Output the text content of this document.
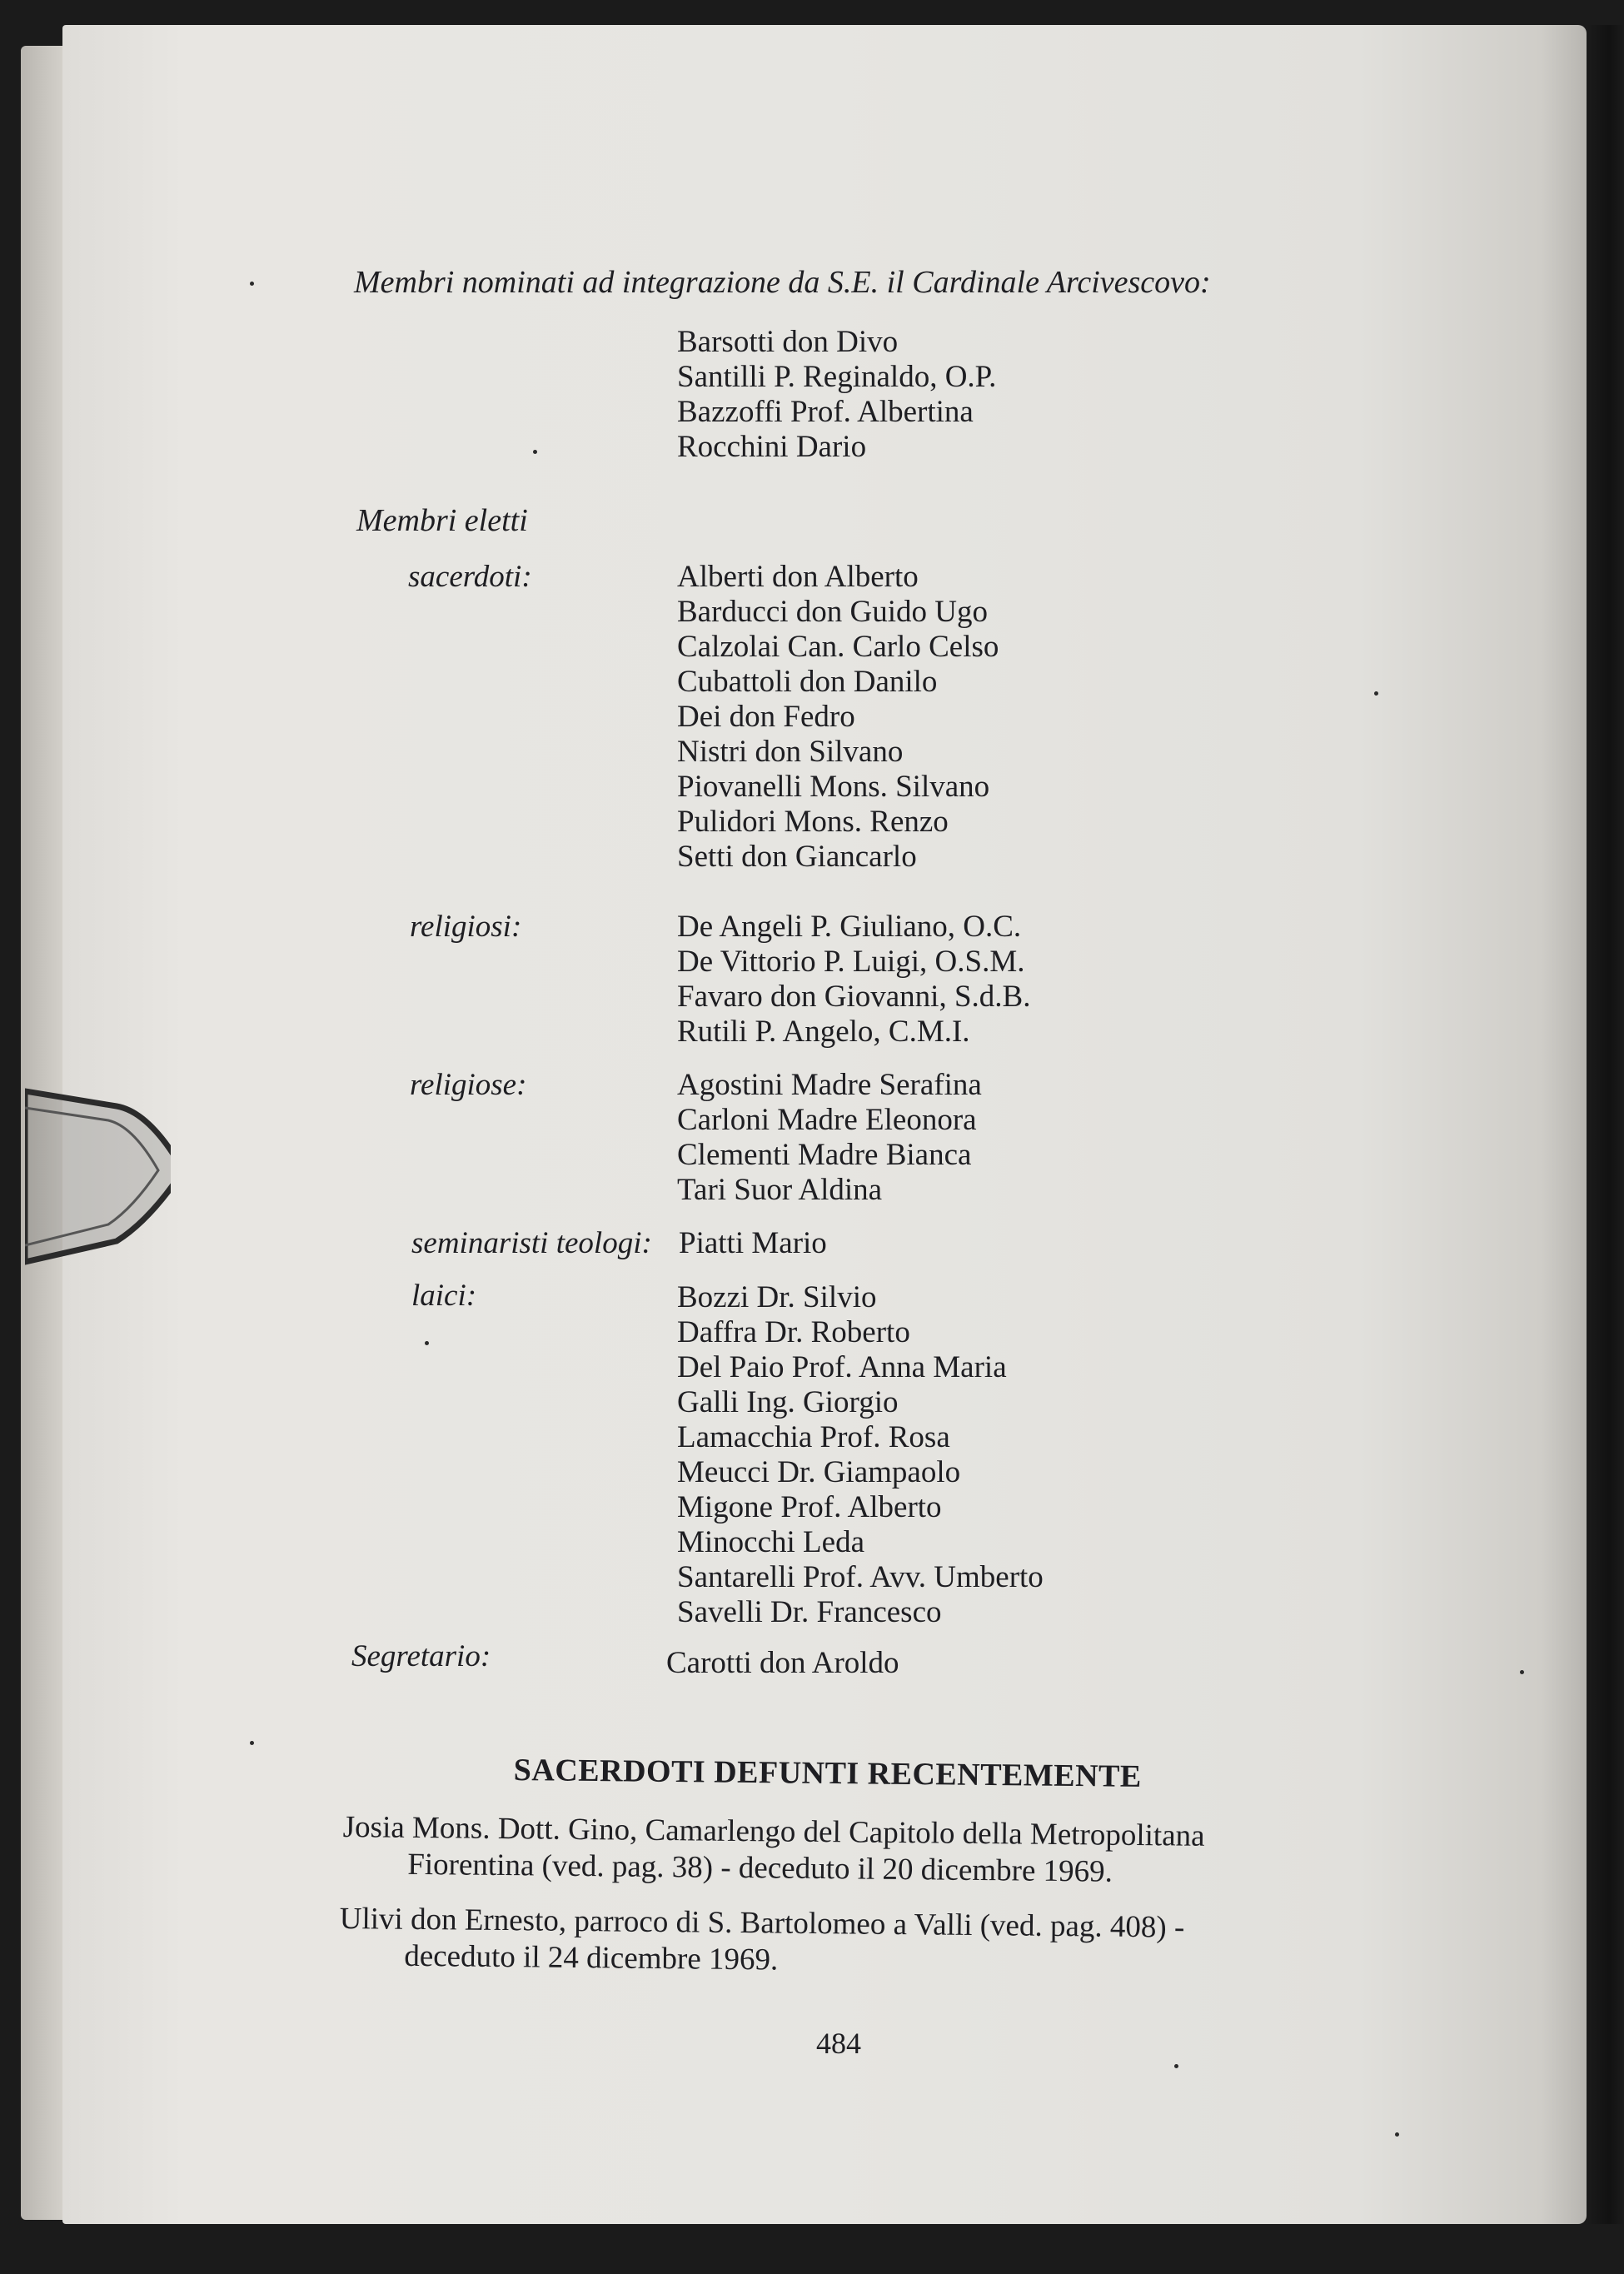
Membri nominati ad integrazione da S.E. il Cardinale Arcivescovo:
Barsotti don Divo
Santilli P. Reginaldo, O.P.
Bazzoffi Prof. Albertina
Rocchini Dario
Membri eletti
sacerdoti:	Alberti don Alberto
Barducci don Guido Ugo
Calzolai Can. Carlo Celso
Cubattoli don Danilo
Dei don Fedro
Nistri don Silvano
Piovanelli Mons. Silvano
Pulidori Mons. Renzo
Setti don Giancarlo
religiosi:	De Angeli P. Giuliano, O.C.
De Vittorio P. Luigi, O.S.M.
Favaro don Giovanni, S.d.B.
Rutili P. Angelo, C.M.I.
religiose:	Agostini Madre Serafina
Carloni Madre Eleonora
Clementi Madre Bianca
Tari Suor Aldina
seminaristi teologi: Piatti Mario
laici:	Bozzi Dr. Silvio
Daffra Dr. Roberto
Del Paio Prof. Anna Maria
Galli Ing. Giorgio
Lamacchia Prof. Rosa
Meucci Dr. Giampaolo
Migone Prof. Alberto
Minocchi Leda
Santarelli Prof. Avv. Umberto
Savelli Dr. Francesco
Segretario:	Carotti don Aroldo
SACERDOTI DEFUNTI RECENTEMENTE
Josia Mons. Dott. Gino, Camarlengo del Capitolo della Metropolitana
Fiorentina (ved. pag. 38) - deceduto il 20 dicembre 1969.
Ulivi don Ernesto, parroco di S. Bartolomeo a Valli (ved. pag. 408) -
deceduto il 24 dicembre 1969.
484
